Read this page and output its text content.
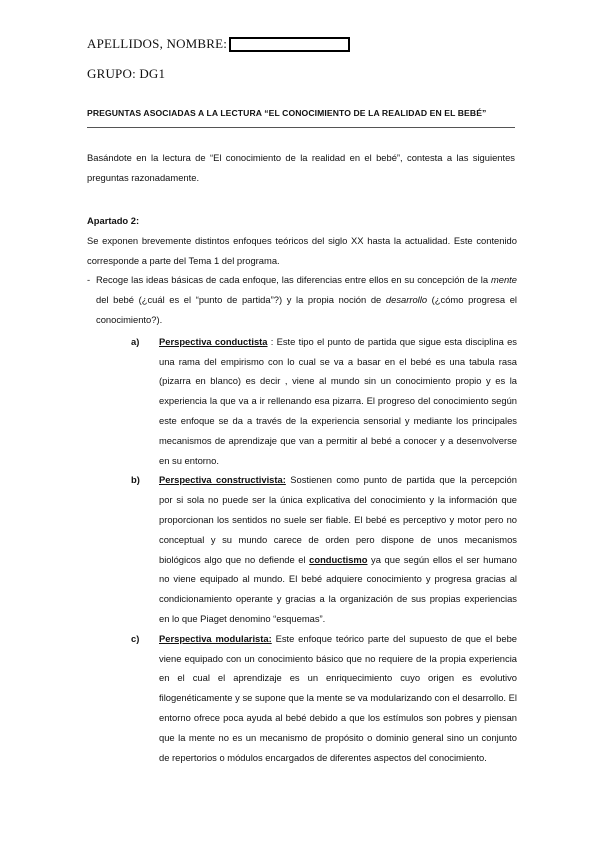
APELLIDOS, NOMBRE:
GRUPO: DG1
PREGUNTAS ASOCIADAS A LA LECTURA “EL CONOCIMIENTO DE LA REALIDAD EN EL BEBÉ”
Basándote en la lectura de “El conocimiento de la realidad en el bebé”, contesta a las siguientes preguntas razonadamente.
Apartado 2:
Se exponen brevemente distintos enfoques teóricos del siglo XX hasta la actualidad. Este contenido corresponde a parte del Tema 1 del programa.
- Recoge las ideas básicas de cada enfoque, las diferencias entre ellos en su concepción de la mente del bebé (¿cuál es el “punto de partida”?) y la propia noción de desarrollo (¿cómo progresa el conocimiento?).
a) Perspectiva conductista : Este tipo el punto de partida que sigue esta disciplina es una rama del empirismo con lo cual se va a basar en el bebé es una tabula rasa (pizarra en blanco) es decir , viene al mundo sin un conocimiento propio y es la experiencia la que va a ir rellenando esa pizarra. El progreso del conocimiento según este enfoque se da a través de la experiencia sensorial y mediante los principales mecanismos de aprendizaje que van a permitir al bebé a conocer y a desenvolverse en su entorno.
b) Perspectiva constructivista: Sostienen como punto de partida que la percepción por si sola no puede ser la única explicativa del conocimiento y la información que proporcionan los sentidos no suele ser fiable. El bebé es perceptivo y motor pero no conceptual y su mundo carece de orden pero dispone de unos mecanismos biológicos algo que no defiende el conductismo ya que según ellos el ser humano no viene equipado al mundo. El bebé adquiere conocimiento y progresa gracias al condicionamiento operante y gracias a la organización de sus propias experiencias en lo que Piaget denomino “esquemas”.
c) Perspectiva modularista: Este enfoque teórico parte del supuesto de que el bebe viene equipado con un conocimiento básico que no requiere de la propia experiencia en el cual el aprendizaje es un enriquecimiento cuyo origen es evolutivo filogenéticamente y se supone que la mente se va modularizando con el desarrollo. El entorno ofrece poca ayuda al bebé debido a que los estímulos son pobres y piensan que la mente no es un mecanismo de propósito o dominio general sino un conjunto de repertorios o módulos encargados de diferentes aspectos del conocimiento.
